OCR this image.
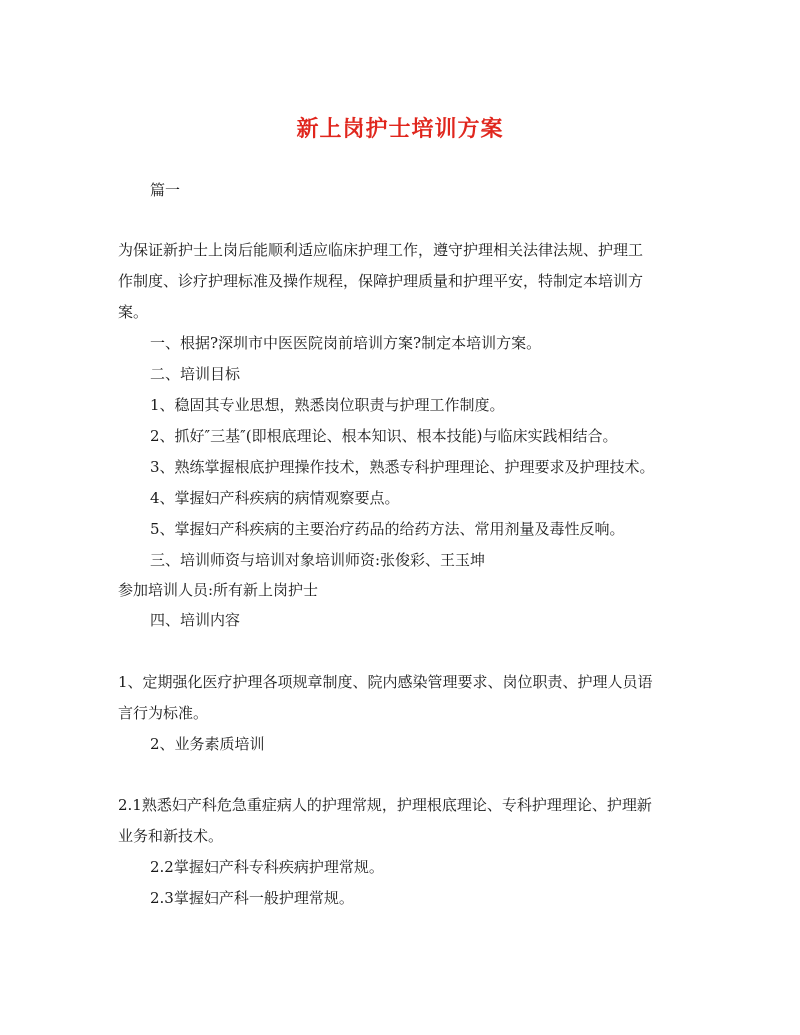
新上岗护士培训方案
篇一
为保证新护士上岗后能顺利适应临床护理工作，遵守护理相关法律法规、护理工
作制度、诊疗护理标准及操作规程，保障护理质量和护理平安，特制定本培训方
案。
一、根据?深圳市中医医院岗前培训方案?制定本培训方案。
二、培训目标
1、稳固其专业思想，熟悉岗位职责与护理工作制度。
2、抓好″三基″(即根底理论、根本知识、根本技能)与临床实践相结合。
3、熟练掌握根底护理操作技术，熟悉专科护理理论、护理要求及护理技术。
4、掌握妇产科疾病的病情观察要点。
5、掌握妇产科疾病的主要治疗药品的给药方法、常用剂量及毒性反响。
三、培训师资与培训对象培训师资:张俊彩、王玉坤
参加培训人员:所有新上岗护士
四、培训内容
1、定期强化医疗护理各项规章制度、院内感染管理要求、岗位职责、护理人员语
言行为标准。
2、业务素质培训
2.1熟悉妇产科危急重症病人的护理常规，护理根底理论、专科护理理论、护理新
业务和新技术。
2.2掌握妇产科专科疾病护理常规。
2.3掌握妇产科一般护理常规。
